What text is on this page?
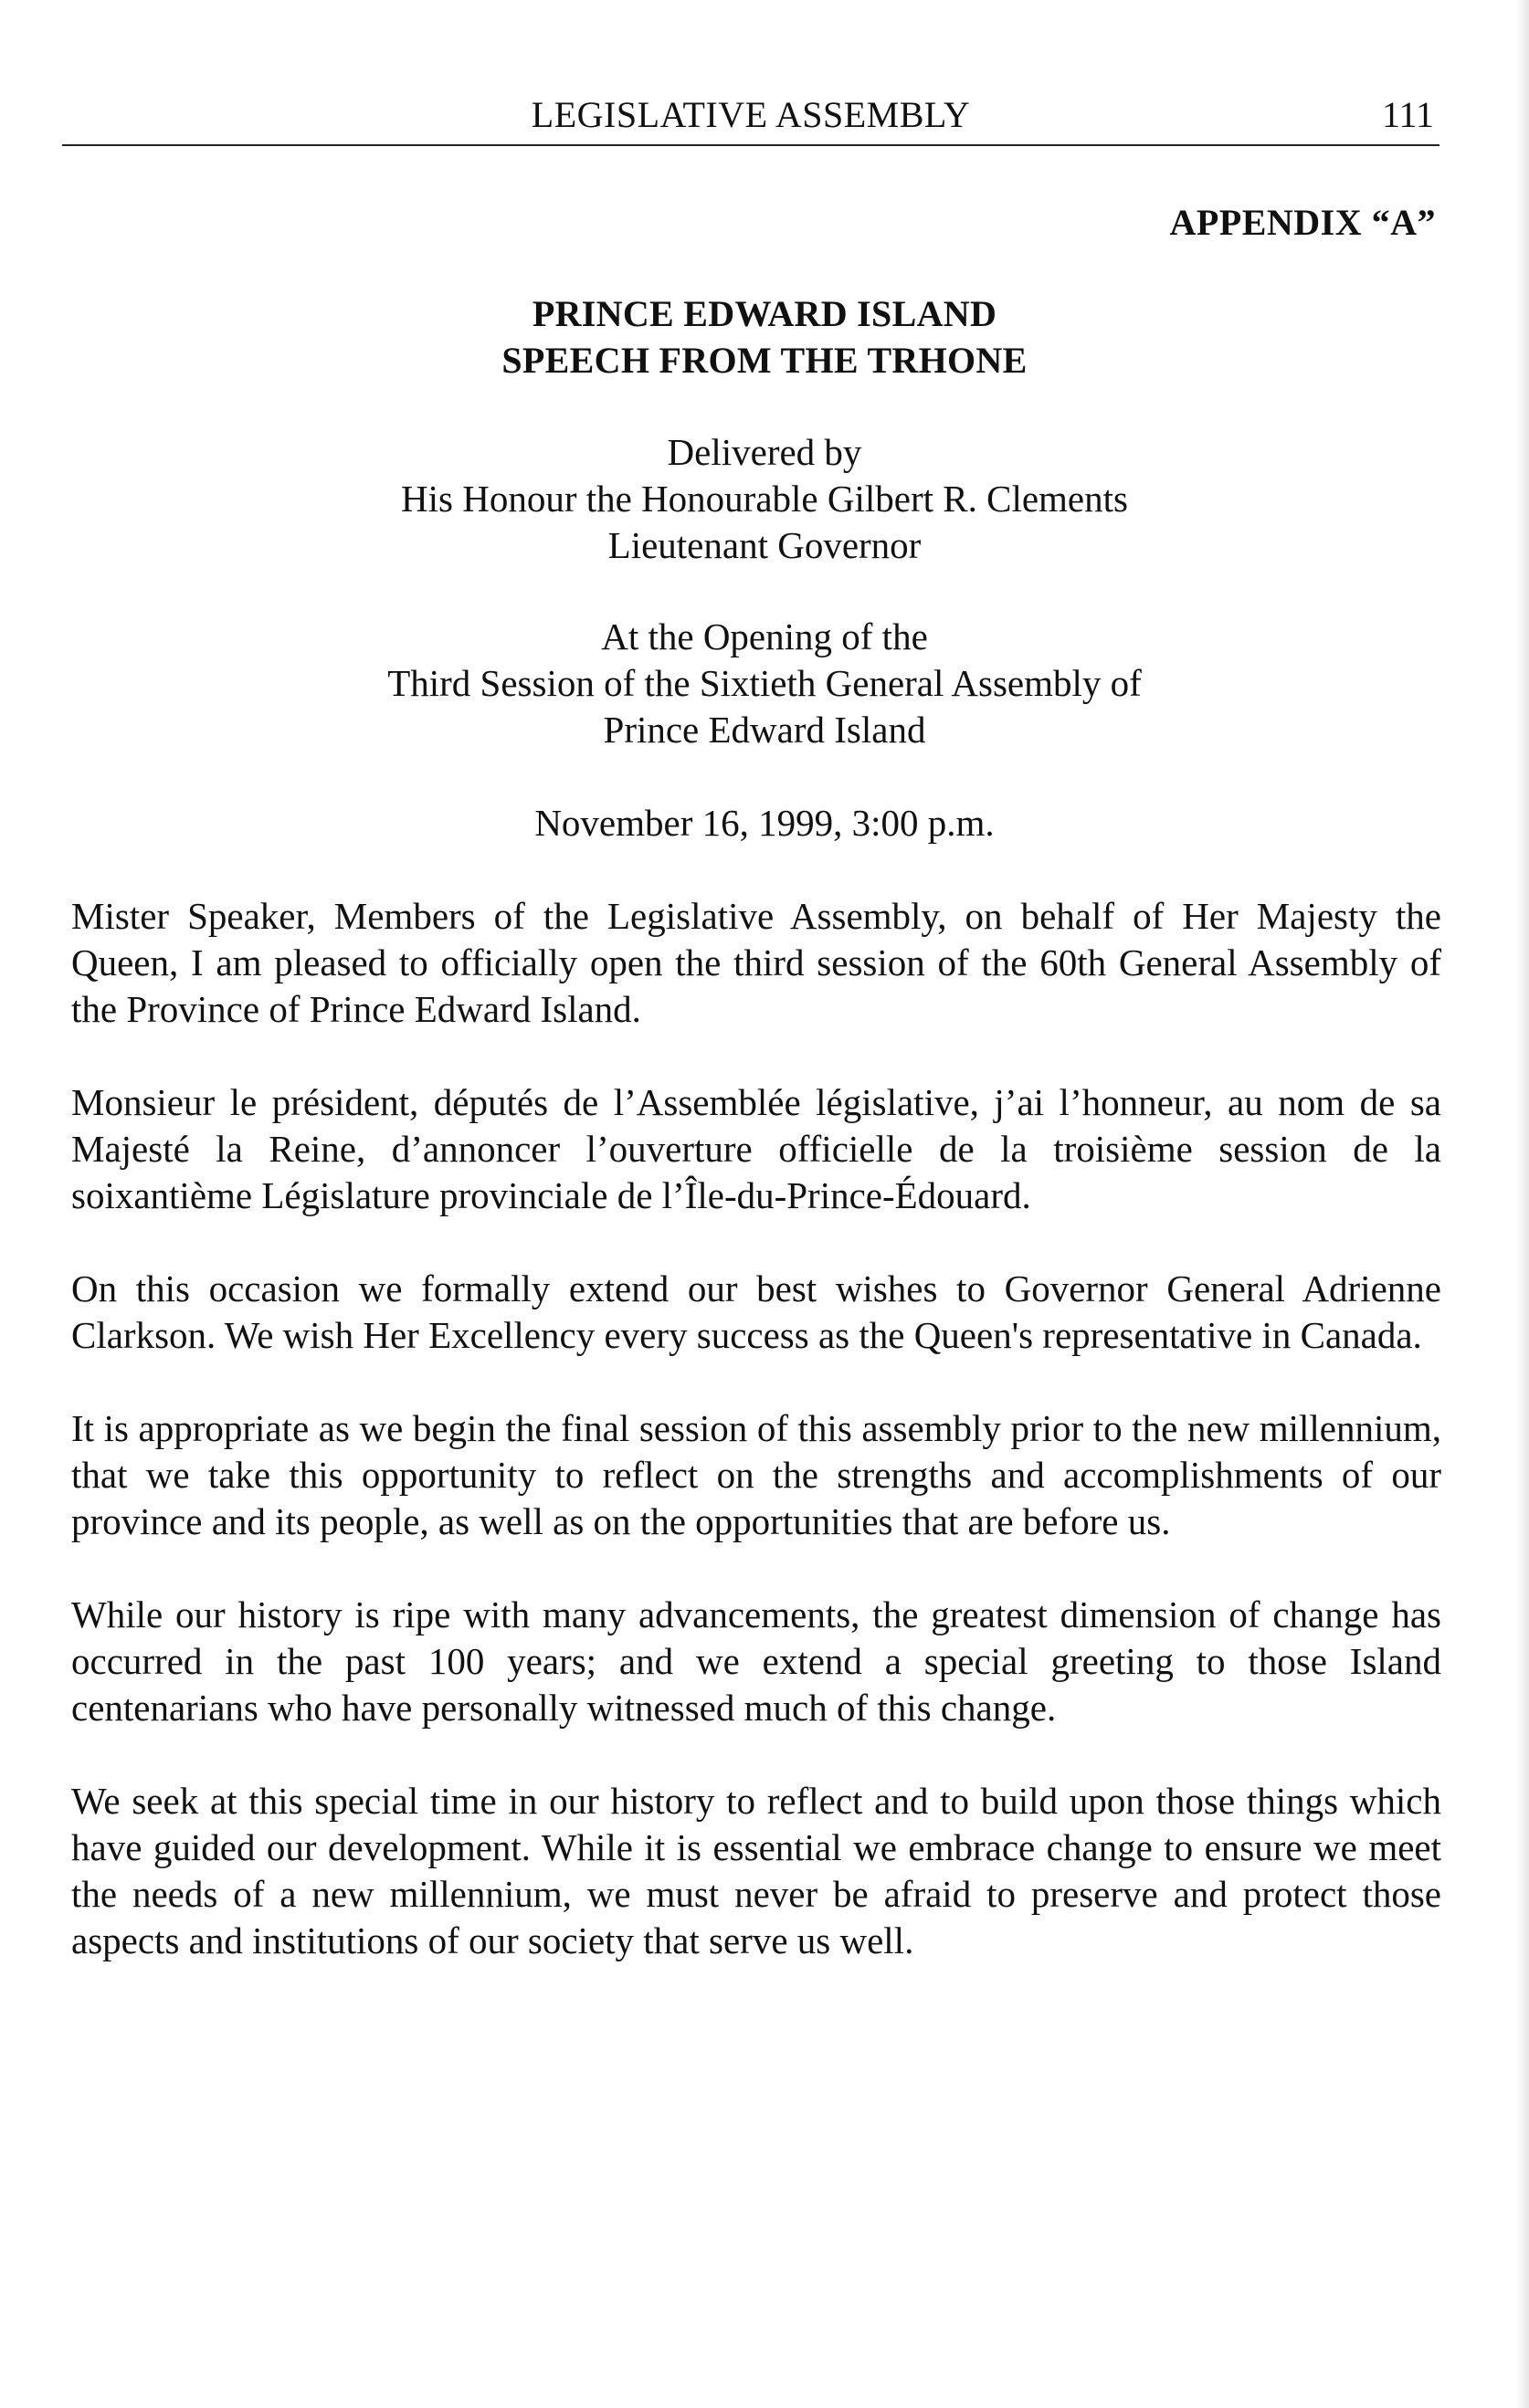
LEGISLATIVE ASSEMBLY	111
APPENDIX “A”
PRINCE EDWARD ISLAND
SPEECH FROM THE TRHONE
Delivered by
His Honour the Honourable Gilbert R. Clements
Lieutenant Governor
At the Opening of the
Third Session of the Sixtieth General Assembly of
Prince Edward Island
November 16, 1999, 3:00 p.m.

Mister Speaker, Members of the Legislative Assembly, on behalf of Her Majesty the Queen, I am pleased to officially open the third session of the 60th General Assembly of the Province of Prince Edward Island.

Monsieur le président, députés de l’Assemblée législative, j’ai l’honneur, au nom de sa Majesté la Reine, d’annoncer l’ouverture officielle de la troisième session de la soixantième Législature provinciale de l’Île-du-Prince-Édouard.

On this occasion we formally extend our best wishes to Governor General Adrienne Clarkson. We wish Her Excellency every success as the Queen's representative in Canada.

It is appropriate as we begin the final session of this assembly prior to the new millennium, that we take this opportunity to reflect on the strengths and accomplishments of our province and its people, as well as on the opportunities that are before us.

While our history is ripe with many advancements, the greatest dimension of change has occurred in the past 100 years; and we extend a special greeting to those Island centenarians who have personally witnessed much of this change.

We seek at this special time in our history to reflect and to build upon those things which have guided our development. While it is essential we embrace change to ensure we meet the needs of a new millennium, we must never be afraid to preserve and protect those aspects and institutions of our society that serve us well.
